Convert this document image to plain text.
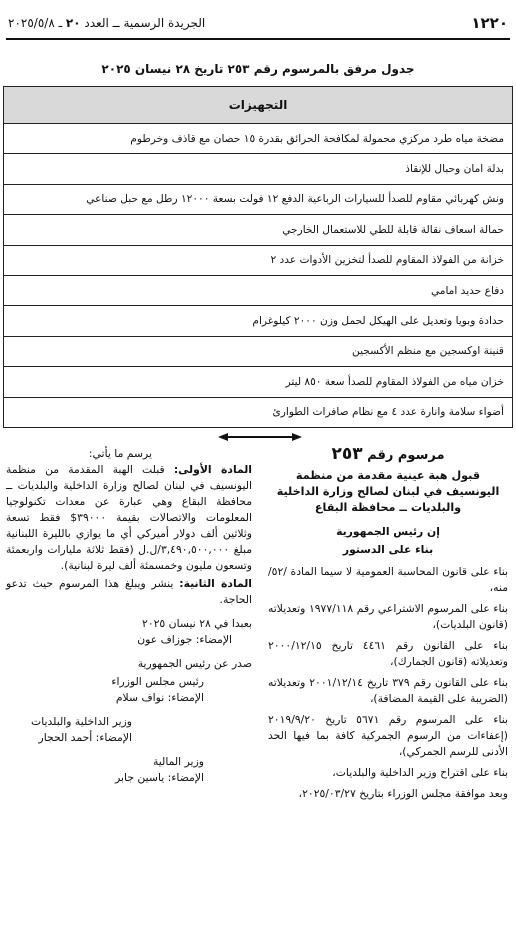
١٢٢٠
الجريدة الرسمية ــ العدد ٢٠ ـ ٢٠٢٥/٥/٨
جدول مرفق بالمرسوم رقم ٢٥٣ تاريخ ٢٨ نيسان ٢٠٢٥
التجهيزات
مضخة مياه طرد مركزي محمولة لمكافحة الحرائق بقدرة ١٥ حصان مع قاذف وخرطوم
بدلة امان وحبال للإنقاذ
ونش كهربائي مقاوم للصدأ للسيارات الرباعية الدفع ١٢ فولت بسعة ١٢٠٠٠ رطل مع حبل صناعي
حمالة اسعاف نقالة قابلة للطي للاستعمال الخارجي
خزانة من الفولاذ المقاوم للصدأ لتخزين الأدوات عدد ٢
دفاع حديد امامي
حدادة وبويا وتعديل على الهيكل لحمل وزن ٢٠٠٠ كيلوغرام
قنينة اوكسجين مع منظم الأكسجين
خزان مياه من الفولاذ المقاوم للصدأ سعة ٨٥٠ ليتر
أضواء سلامة وانارة عدد ٤ مع نظام صافرات الطوارئ
مرسوم رقم ٢٥٣
قبول هبة عينية مقدمة من منظمة اليونسيف في لبنان لصالح وزارة الداخلية والبلديات ــ محافظة البقاع
إن رئيس الجمهورية
بناء على الدستور

بناء على قانون المحاسبة العمومية لا سيما المادة /٥٢/ منه،

بناء على المرسوم الاشتراعي رقم ١٩٧٧/١١٨ وتعديلاته (قانون البلديات)،

بناء على القانون رقم ٤٤٦١ تاريخ ٢٠٠٠/١٢/١٥ وتعديلاته (قانون الجمارك)،

بناء على القانون رقم ٣٧٩ تاريخ ٢٠٠١/١٢/١٤ وتعديلاته (الضريبة على القيمة المضافة)،

بناء على المرسوم رقم ٥٦٧١ تاريخ ٢٠١٩/٩/٢٠ (إعفاءات من الرسوم الجمركية كافة بما فيها الحد الأدنى للرسم الجمركي)،

بناء على اقتراح وزير الداخلية والبلديات،

وبعد موافقة مجلس الوزراء بتاريخ ٢٠٢٥/٠٣/٢٧،

يرسم ما يأتي:

المادة الأولى: قبلت الهبة المقدمة من منظمة اليونسيف في لبنان لصالح وزارة الداخلية والبلديات ــ محافظة البقاع وهي عبارة عن معدات تكنولوجيا المعلومات والاتصالات بقيمة ٣٩٠٠٠$ فقط تسعة وثلاثين ألف دولار أميركي أي ما يوازي بالليرة اللبنانية مبلغ ٣,٤٩٠,٥٠٠,٠٠٠/ل.ل (فقط ثلاثة مليارات واربعمئة وتسعون مليون وخمسمئة ألف ليرة لبنانية).

المادة الثانية: ينشر ويبلغ هذا المرسوم حيث تدعو الحاجة.

بعبدا في ٢٨ نيسان ٢٠٢٥

الإمضاء: جوزاف عون

صدر عن رئيس الجمهورية

رئيس مجلس الوزراء

الإمضاء: نواف سلام

وزير الداخلية والبلديات

الإمضاء: أحمد الحجار

وزير المالية

الإمضاء: ياسين جابر
